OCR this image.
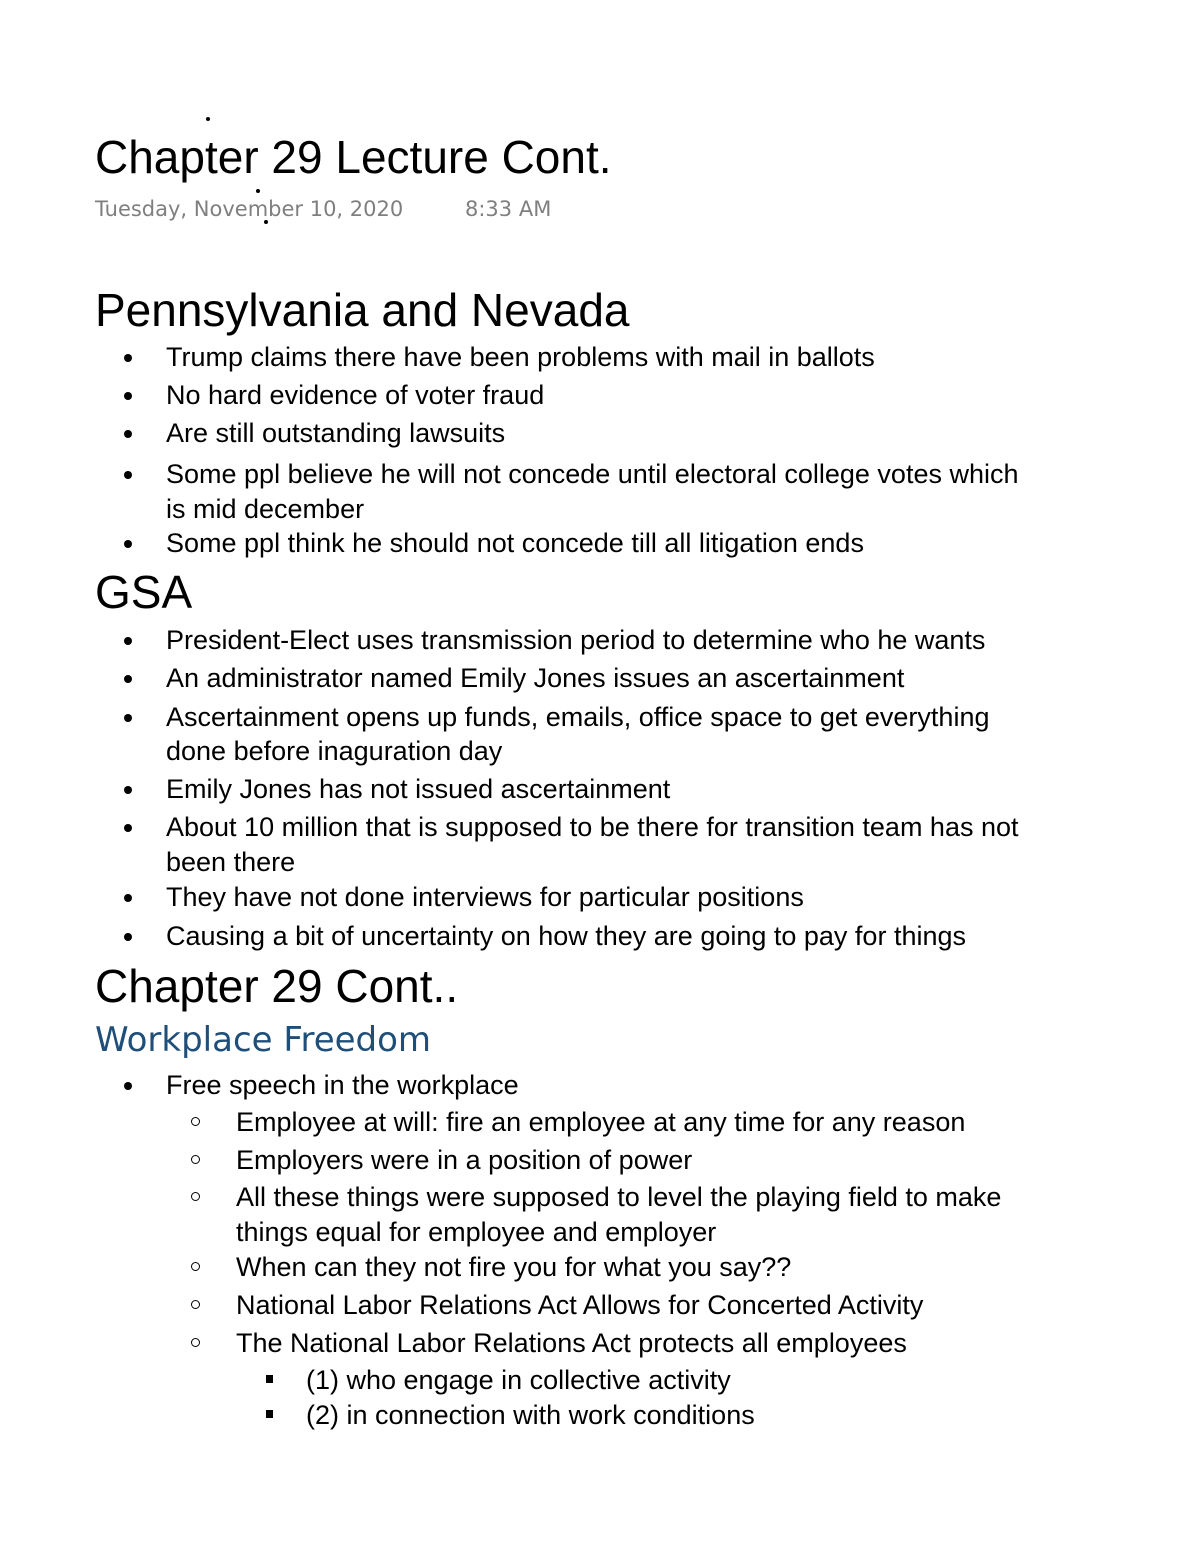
Chapter 29 Lecture Cont.
Tuesday, November 10, 2020	8:33 AM
Pennsylvania and Nevada
Trump claims there have been problems with mail in ballots
No hard evidence of voter fraud
Are still outstanding lawsuits
Some ppl believe he will not concede until electoral college votes which
is mid december
Some ppl think he should not concede till all litigation ends
GSA
President-Elect uses transmission period to determine who he wants
An administrator named Emily Jones issues an ascertainment
Ascertainment opens up funds, emails, office space to get everything
done before inaguration day
Emily Jones has not issued ascertainment
About 10 million that is supposed to be there for transition team has not
been there
They have not done interviews for particular positions
Causing a bit of uncertainty on how they are going to pay for things
Chapter 29 Cont..
Workplace Freedom
Free speech in the workplace
Employee at will: fire an employee at any time for any reason
Employers were in a position of power
All these things were supposed to level the playing field to make
things equal for employee and employer
When can they not fire you for what you say??
National Labor Relations Act Allows for Concerted Activity
The National Labor Relations Act protects all employees
(1) who engage in collective activity
(2) in connection with work conditions
